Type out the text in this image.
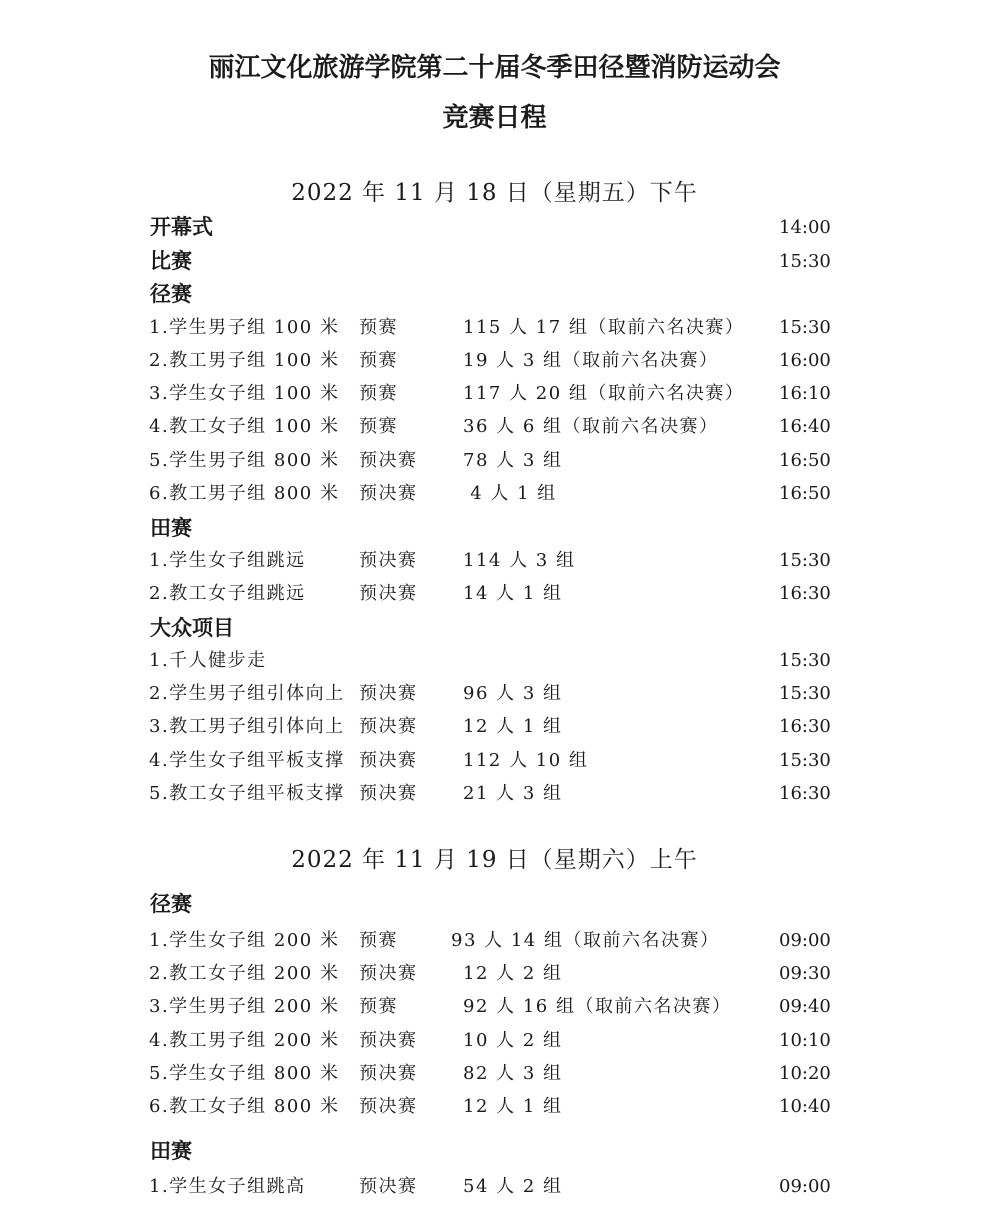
丽江文化旅游学院第二十届冬季田径暨消防运动会
竞赛日程
2022 年 11 月 18 日（星期五）下午
开幕式	14:00
比赛	15:30
径赛
1.学生男子组 100 米 预赛	115 人 17 组（取前六名决赛） 15:30
2.教工男子组 100 米 预赛	19 人 3 组（取前六名决赛）	16:00
3.学生女子组 100 米 预赛	117 人 20 组（取前六名决赛） 16:10
4.教工女子组 100 米 预赛	36 人 6 组（取前六名决赛）	16:40
5.学生男子组 800 米 预决赛	78 人 3 组	16:50
6.教工男子组 800 米 预决赛	4 人 1 组	16:50
田赛
1.学生女子组跳远	预决赛	114 人 3 组	15:30
2.教工女子组跳远	预决赛	14 人 1 组	16:30
大众项目
1.千人健步走	15:30
2.学生男子组引体向上 预决赛	96 人 3 组	15:30
3.教工男子组引体向上 预决赛	12 人 1 组	16:30
4.学生女子组平板支撑 预决赛	112 人 10 组	15:30
5.教工女子组平板支撑 预决赛	21 人 3 组	16:30
2022 年 11 月 19 日（星期六）上午
径赛
1.学生女子组 200 米 预赛	93 人 14 组（取前六名决赛）	09:00
2.教工女子组 200 米 预决赛	12 人 2 组	09:30
3.学生男子组 200 米 预赛	92 人 16 组（取前六名决赛）	09:40
4.教工男子组 200 米 预决赛	10 人 2 组	10:10
5.学生女子组 800 米 预决赛	82 人 3 组	10:20
6.教工女子组 800 米 预决赛	12 人 1 组	10:40
田赛
1.学生女子组跳高	预决赛	54 人 2 组	09:00
